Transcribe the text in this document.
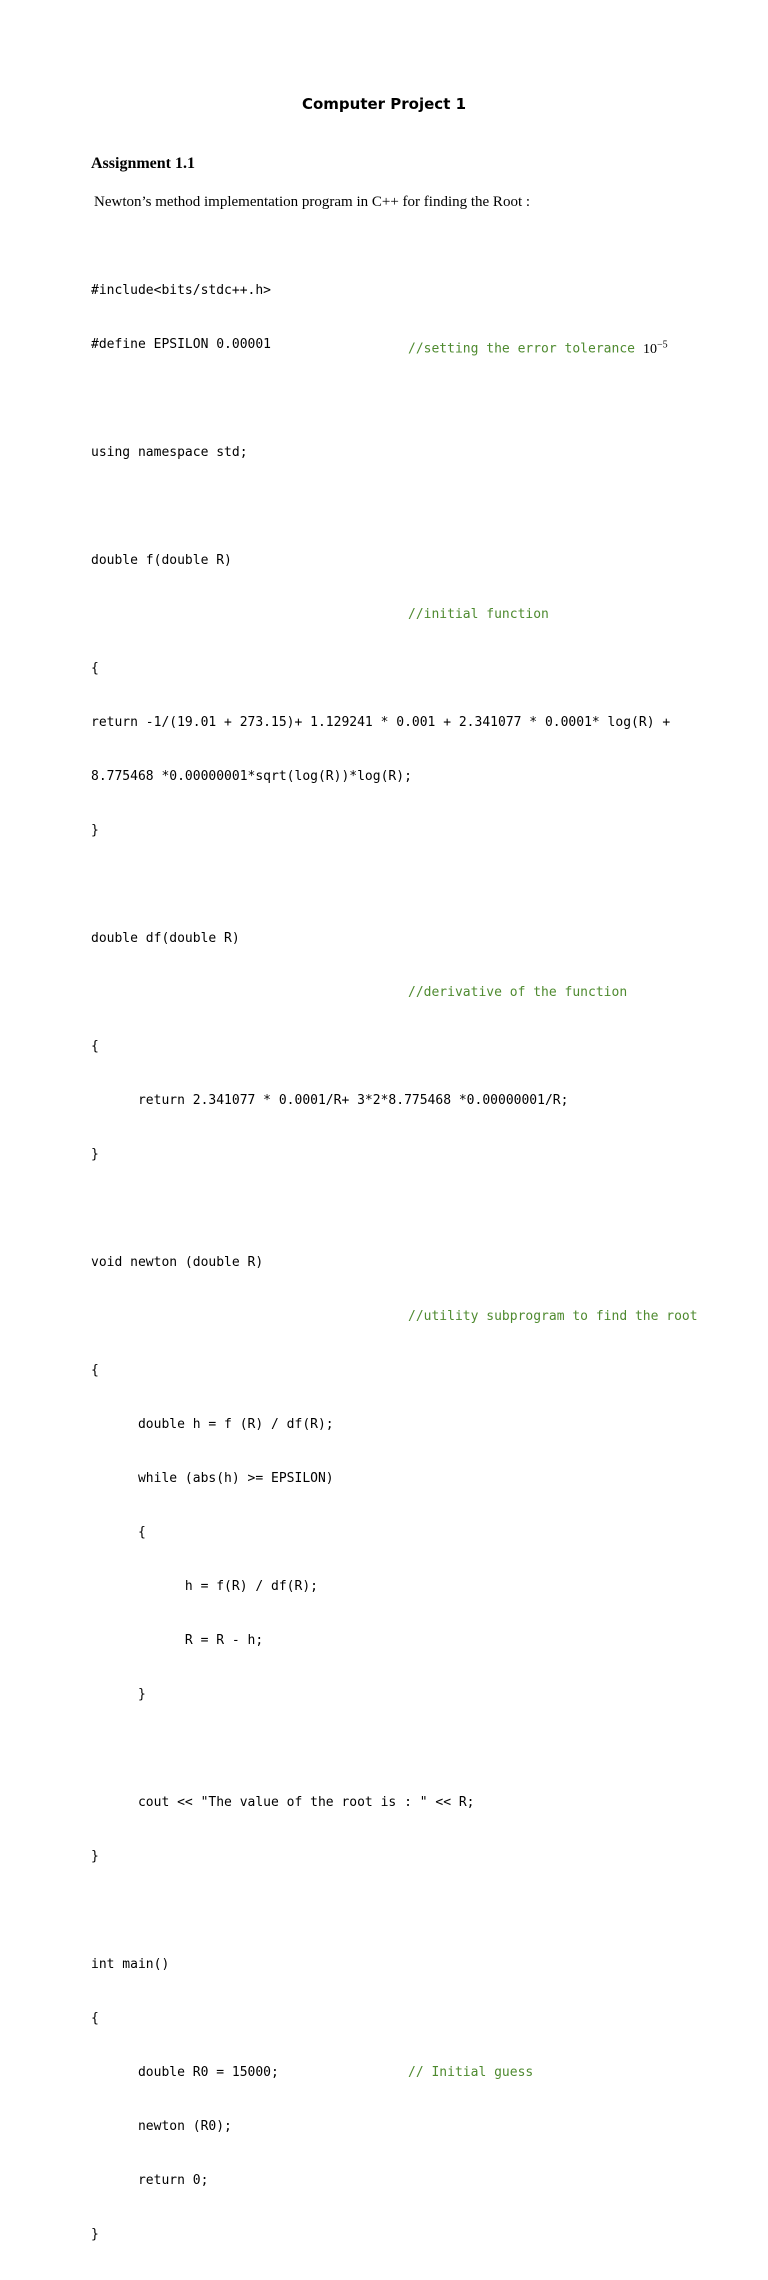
Computer Project 1
Assignment 1.1
Newton’s method implementation program in C++ for finding the Root :

#include<bits/stdc++.h>

#define EPSILON 0.00001	//setting the error tolerance $10^{-5}$

using namespace std;

double f(double R)

//initial function

{

return -1/(19.01 + 273.15)+ 1.129241 * 0.001 + 2.341077 * 0.0001* log(R) +

8.775468 *0.00000001*sqrt(log(R))*log(R);

}

double df(double R)

//derivative of the function

{

return 2.341077 * 0.0001/R+ 3*2*8.775468 *0.00000001/R;

}

void newton (double R)

//utility subprogram to find the root

{

double h = f (R) / df(R);

while (abs(h) >= EPSILON)

{

h = f(R) / df(R);

R = R - h;

}

cout << "The value of the root is : " << R;

}

int main()

{

double R0 = 15000;	// Initial guess

newton (R0);

return 0;

}
